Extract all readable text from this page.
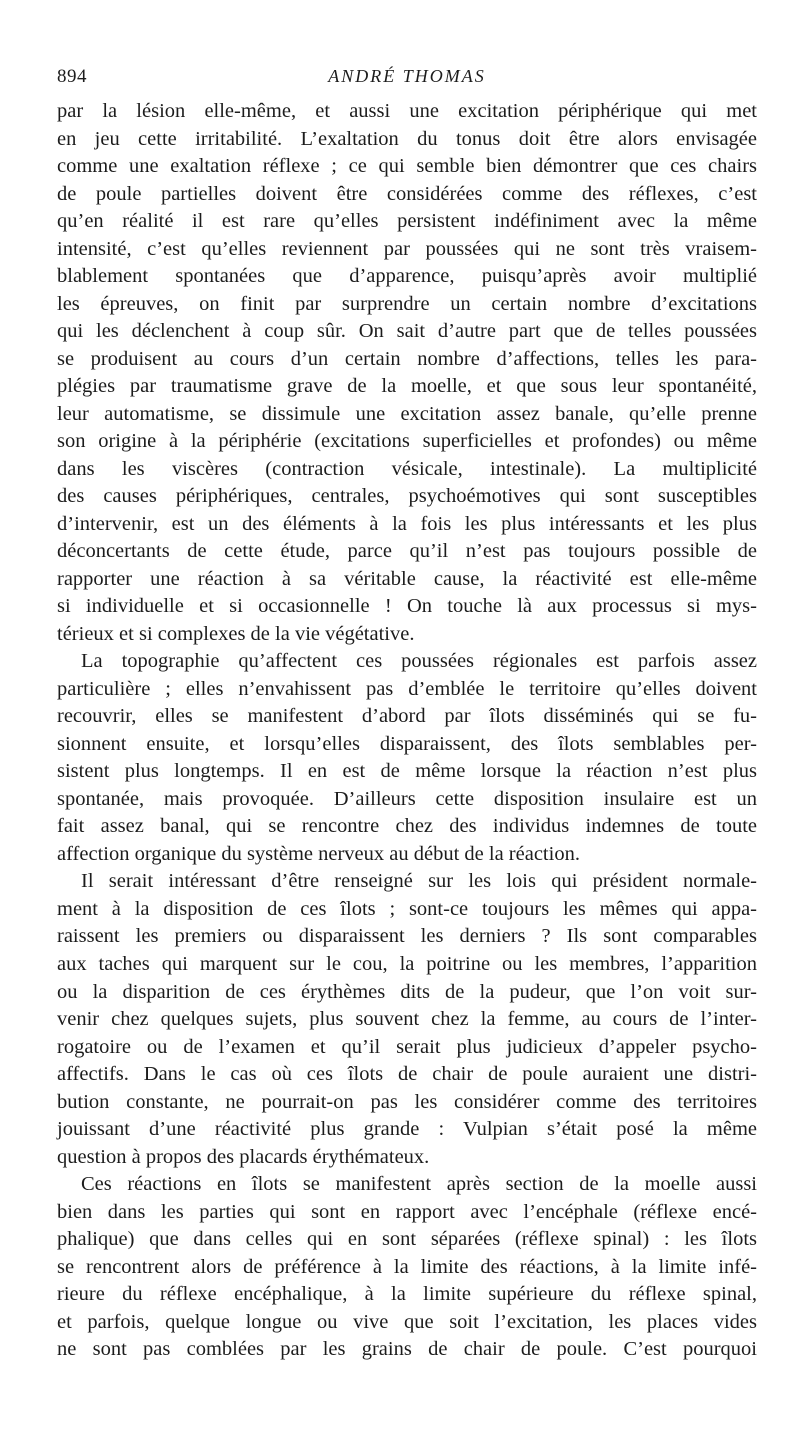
894	ANDRÉ THOMAS
par la lésion elle-même, et aussi une excitation périphérique qui met
en jeu cette irritabilité. L’exaltation du tonus doit être alors envisagée
comme une exaltation réflexe ; ce qui semble bien démontrer que ces chairs
de poule partielles doivent être considérées comme des réflexes, c’est
qu’en réalité il est rare qu’elles persistent indéfiniment avec la même
intensité, c’est qu’elles reviennent par poussées qui ne sont très vraisem-
blablement spontanées que d’apparence, puisqu’après avoir multiplié
les épreuves, on finit par surprendre un certain nombre d’excitations
qui les déclenchent à coup sûr. On sait d’autre part que de telles poussées
se produisent au cours d’un certain nombre d’affections, telles les para-
plégies par traumatisme grave de la moelle, et que sous leur spontanéité,
leur automatisme, se dissimule une excitation assez banale, qu’elle prenne
son origine à la périphérie (excitations superficielles et profondes) ou même
dans les viscères (contraction vésicale, intestinale). La multiplicité
des causes périphériques, centrales, psychoémotives qui sont susceptibles
d’intervenir, est un des éléments à la fois les plus intéressants et les plus
déconcertants de cette étude, parce qu’il n’est pas toujours possible de
rapporter une réaction à sa véritable cause, la réactivité est elle-même
si individuelle et si occasionnelle ! On touche là aux processus si mys-
térieux et si complexes de la vie végétative.
La topographie qu’affectent ces poussées régionales est parfois assez
particulière ; elles n’envahissent pas d’emblée le territoire qu’elles doivent
recouvrir, elles se manifestent d’abord par îlots disséminés qui se fu-
sionnent ensuite, et lorsqu’elles disparaissent, des îlots semblables per-
sistent plus longtemps. Il en est de même lorsque la réaction n’est plus
spontanée, mais provoquée. D’ailleurs cette disposition insulaire est un
fait assez banal, qui se rencontre chez des individus indemnes de toute
affection organique du système nerveux au début de la réaction.
Il serait intéressant d’être renseigné sur les lois qui président normale-
ment à la disposition de ces îlots ; sont-ce toujours les mêmes qui appa-
raissent les premiers ou disparaissent les derniers ? Ils sont comparables
aux taches qui marquent sur le cou, la poitrine ou les membres, l’apparition
ou la disparition de ces érythèmes dits de la pudeur, que l’on voit sur-
venir chez quelques sujets, plus souvent chez la femme, au cours de l’inter-
rogatoire ou de l’examen et qu’il serait plus judicieux d’appeler psycho-
affectifs. Dans le cas où ces îlots de chair de poule auraient une distri-
bution constante, ne pourrait-on pas les considérer comme des territoires
jouissant d’une réactivité plus grande : Vulpian s’était posé la même
question à propos des placards érythémateux.
Ces réactions en îlots se manifestent après section de la moelle aussi
bien dans les parties qui sont en rapport avec l’encéphale (réflexe encé-
phalique) que dans celles qui en sont séparées (réflexe spinal) : les îlots
se rencontrent alors de préférence à la limite des réactions, à la limite infé-
rieure du réflexe encéphalique, à la limite supérieure du réflexe spinal,
et parfois, quelque longue ou vive que soit l’excitation, les places vides
ne sont pas comblées par les grains de chair de poule. C’est pourquoi
